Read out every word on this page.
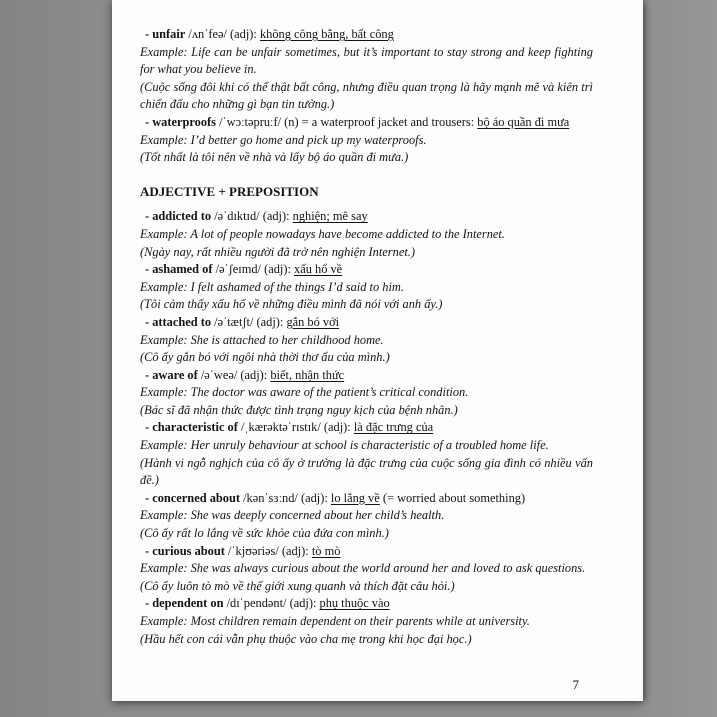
- unfair /ʌnˈfeə/ (adj): không công bằng, bất công

Example: Life can be unfair sometimes, but it’s important to stay strong and keep fighting for what you believe in.

(Cuộc sống đôi khi có thể thật bất công, nhưng điều quan trọng là hãy mạnh mẽ và kiên trì chiến đấu cho những gì bạn tin tưởng.)

- waterproofs /ˈwɔːtəpruːf/ (n) = a waterproof jacket and trousers: bộ áo quần đi mưa

Example: I’d better go home and pick up my waterproofs.

(Tốt nhất là tôi nên về nhà và lấy bộ áo quần đi mưa.)

ADJECTIVE + PREPOSITION

- addicted to /əˈdɪktɪd/ (adj): nghiện; mê say

Example: A lot of people nowadays have become addicted to the Internet.

(Ngày nay, rất nhiều người đã trở nên nghiện Internet.)

- ashamed of /əˈʃeɪmd/ (adj): xấu hổ về

Example: I felt ashamed of the things I’d said to him.

(Tôi cảm thấy xấu hổ về những điều mình đã nói với anh ấy.)

- attached to /əˈtætʃt/ (adj): gắn bó với

Example: She is attached to her childhood home.

(Cô ấy gắn bó với ngôi nhà thời thơ ấu của mình.)

- aware of /əˈweə/ (adj): biết, nhận thức

Example: The doctor was aware of the patient’s critical condition.

(Bác sĩ đã nhận thức được tình trạng nguy kịch của bệnh nhân.)

- characteristic of /ˌkærəktəˈrɪstɪk/ (adj): là đặc trưng của

Example: Her unruly behaviour at school is characteristic of a troubled home life.

(Hành vi ngỗ nghịch của cô ấy ở trường là đặc trưng của cuộc sống gia đình có nhiều vấn đề.)

- concerned about /kənˈsɜːnd/ (adj): lo lắng về (= worried about something)

Example: She was deeply concerned about her child’s health.

(Cô ấy rất lo lắng về sức khỏe của đứa con mình.)

- curious about /ˈkjʊəriəs/ (adj): tò mò

Example: She was always curious about the world around her and loved to ask questions.

(Cô ấy luôn tò mò về thế giới xung quanh và thích đặt câu hỏi.)

- dependent on /dɪˈpendənt/ (adj): phụ thuộc vào

Example: Most children remain dependent on their parents while at university.

(Hầu hết con cái vẫn phụ thuộc vào cha mẹ trong khi học đại học.)

7
